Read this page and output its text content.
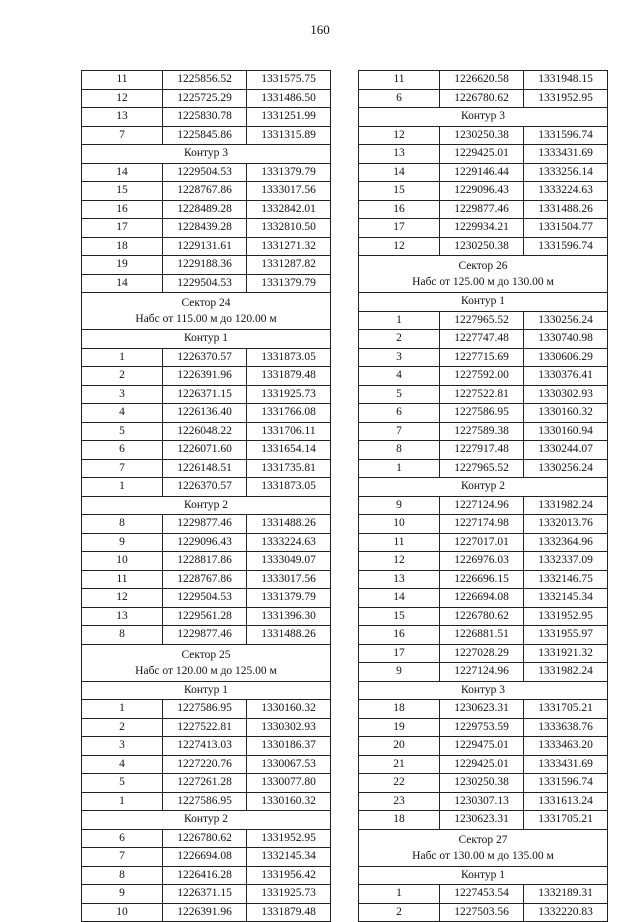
160
11	1225856.52	1331575.75
12	1225725.29	1331486.50
13	1225830.78	1331251.99
7	1225845.86	1331315.89
Контур 3		
14	1229504.53	1331379.79
15	1228767.86	1333017.56
16	1228489.28	1332842.01
17	1228439.28	1332810.50
18	1229131.61	1331271.32
19	1229188.36	1331287.82
14	1229504.53	1331379.79

Сектор 24
Набс от 115.00 м до 120.00 м		

Контур 1		
1	1226370.57	1331873.05
2	1226391.96	1331879.48
3	1226371.15	1331925.73
4	1226136.40	1331766.08
5	1226048.22	1331706.11
6	1226071.60	1331654.14
7	1226148.51	1331735.81
1	1226370.57	1331873.05
Контур 2		
8	1229877.46	1331488.26
9	1229096.43	1333224.63
10	1228817.86	1333049.07
11	1228767.86	1333017.56
12	1229504.53	1331379.79
13	1229561.28	1331396.30
8	1229877.46	1331488.26

Сектор 25
Набс от 120.00 м до 125.00 м		

Контур 1		
1	1227586.95	1330160.32
2	1227522.81	1330302.93
3	1227413.03	1330186.37
4	1227220.76	1330067.53
5	1227261.28	1330077.80
1	1227586.95	1330160.32
Контур 2		
6	1226780.62	1331952.95
7	1226694.08	1332145.34
8	1226416.28	1331956.42
9	1226371.15	1331925.73
10	1226391.96	1331879.48
11	1226620.58	1331948.15
6	1226780.62	1331952.95
Контур 3		
12	1230250.38	1331596.74
13	1229425.01	1333431.69
14	1229146.44	1333256.14
15	1229096.43	1333224.63
16	1229877.46	1331488.26
17	1229934.21	1331504.77
12	1230250.38	1331596.74

Сектор 26
Набс от 125.00 м до 130.00 м		

Контур 1		
1	1227965.52	1330256.24
2	1227747.48	1330740.98
3	1227715.69	1330606.29
4	1227592.00	1330376.41
5	1227522.81	1330302.93
6	1227586.95	1330160.32
7	1227589.38	1330160.94
8	1227917.48	1330244.07
1	1227965.52	1330256.24
Контур 2		
9	1227124.96	1331982.24
10	1227174.98	1332013.76
11	1227017.01	1332364.96
12	1226976.03	1332337.09
13	1226696.15	1332146.75
14	1226694.08	1332145.34
15	1226780.62	1331952.95
16	1226881.51	1331955.97
17	1227028.29	1331921.32
9	1227124.96	1331982.24
Контур 3		
18	1230623.31	1331705.21
19	1229753.59	1333638.76
20	1229475.01	1333463.20
21	1229425.01	1333431.69
22	1230250.38	1331596.74
23	1230307.13	1331613.24
18	1230623.31	1331705.21

Сектор 27
Набс от 130.00 м до 135.00 м		

Контур 1		
1	1227453.54	1332189.31
2	1227503.56	1332220.83
